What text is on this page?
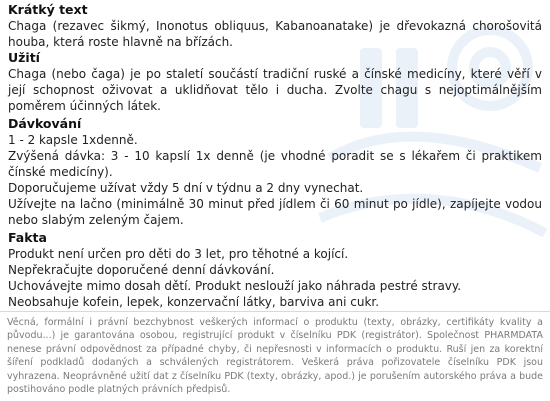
Krátký text

Chaga (rezavec šikmý, Inonotus obliquus, Kabanoanatake) je dřevokazná chorošovitá houba, která roste hlavně na břízách.

Užití

Chaga (nebo čaga) je po staletí součástí tradiční ruské a čínské medicíny, které věří v její schopnost oživovat a uklidňovat tělo i ducha. Zvolte chagu s nejoptimálnějším poměrem účinných látek.

Dávkování

1 - 2 kapsle 1xdenně.

Zvýšená dávka: 3 - 10 kapslí 1x denně (je vhodné poradit se s lékařem či praktikem čínské medicíny).

Doporučujeme užívat vždy 5 dní v týdnu a 2 dny vynechat.

Užívejte na lačno (minimálně 30 minut před jídlem či 60 minut po jídle), zapíjejte vodou nebo slabým zeleným čajem.

Fakta

Produkt není určen pro děti do 3 let, pro těhotné a kojící.

Nepřekračujte doporučené denní dávkování.

Uchovávejte mimo dosah dětí. Produkt neslouží jako náhrada pestré stravy.

Neobsahuje kofein, lepek, konzervační látky, barviva ani cukr.

Věcná, formální i právní bezchybnost veškerých informací o produktu (texty, obrázky, certifikáty kvality a původu...) je garantována osobou, registrující produkt v číselníku PDK (registrátor). Společnost PHARMDATA nenese právní odpovědnost za případné chyby, či nepřesnosti v informacích o produktu. Ruší jen za korektní šíření podkladů dodaných a schválených registrátorem. Veškerá práva pořizovatele číselníku PDK jsou vyhrazena. Neoprávněné užití dat z číselníku PDK (texty, obrázky, apod.) je porušením autorského práva a bude postihováno podle platných právních předpisů.
